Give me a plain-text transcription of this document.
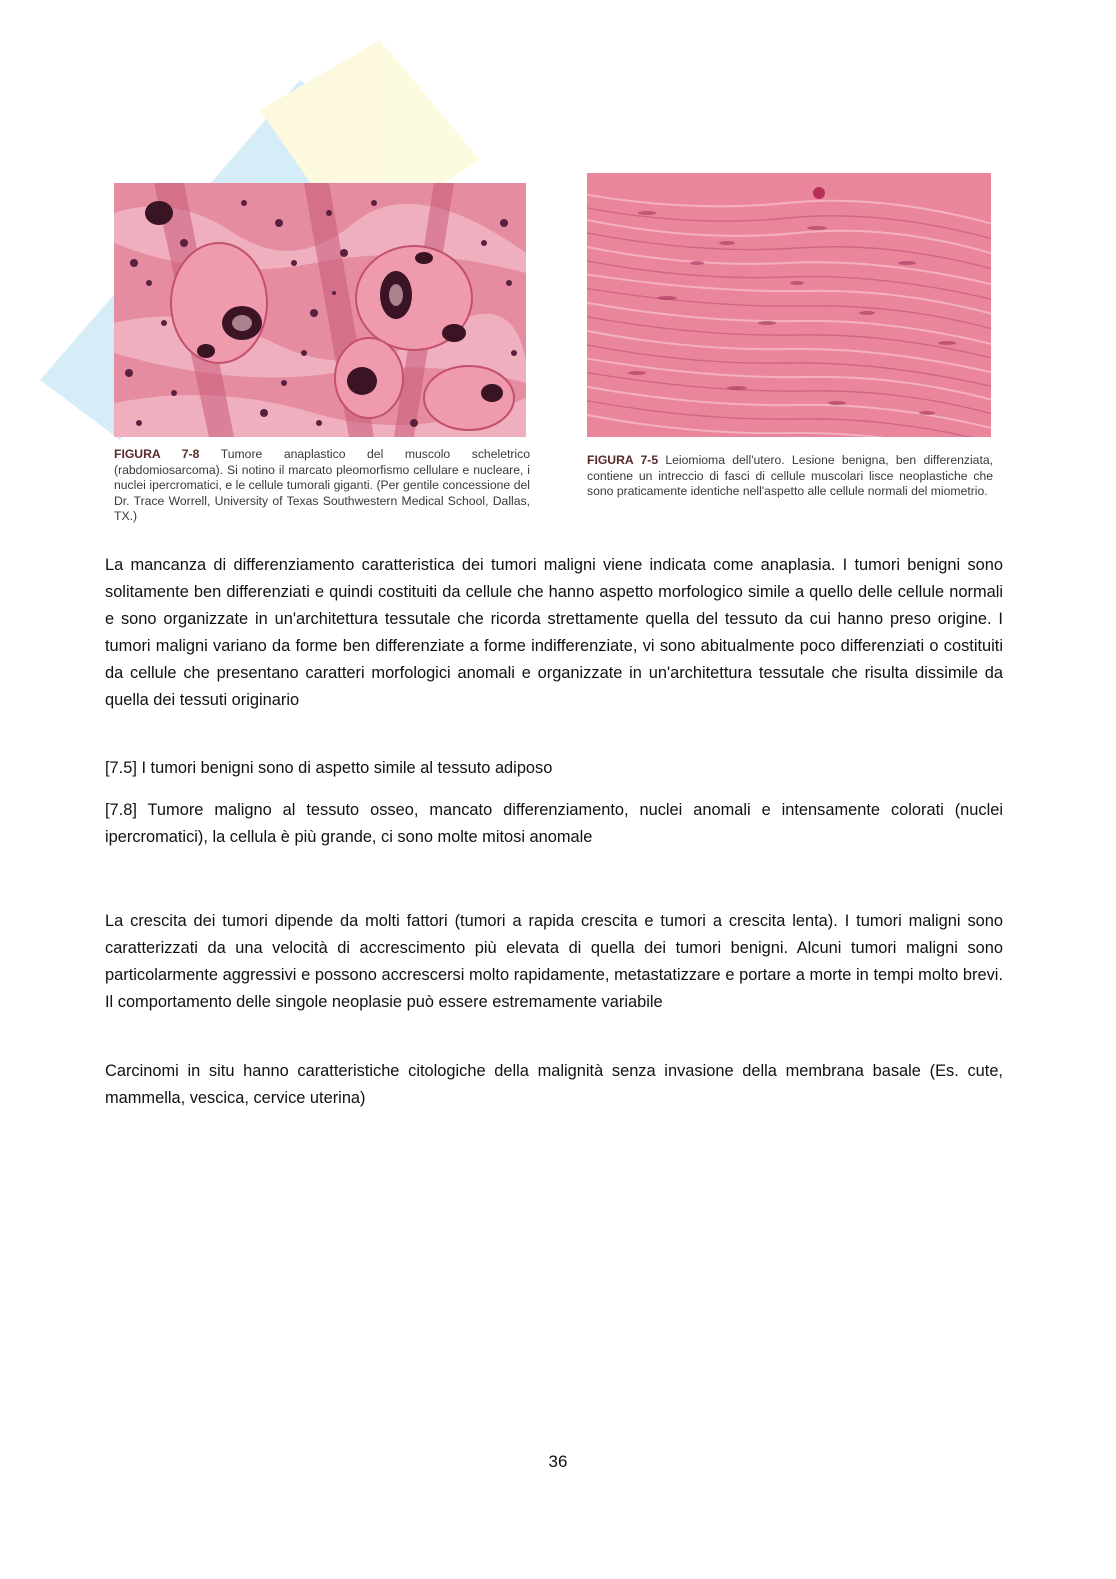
FIGURA 7-8 Tumore anaplastico del muscolo scheletrico (rabdomiosarcoma). Si notino il marcato pleomorfismo cellulare e nucleare, i nuclei ipercromatici, e le cellule tumorali giganti. (Per gentile concessione del Dr. Trace Worrell, University of Texas Southwestern Medical School, Dallas, TX.)
FIGURA 7-5 Leiomioma dell'utero. Lesione benigna, ben differenziata, contiene un intreccio di fasci di cellule muscolari lisce neoplastiche che sono praticamente identiche nell'aspetto alle cellule normali del miometrio.

La mancanza di differenziamento caratteristica dei tumori maligni viene indicata come anaplasia. I tumori benigni sono solitamente ben differenziati e quindi costituiti da cellule che hanno aspetto morfologico simile a quello delle cellule normali e sono organizzate in un'architettura tessutale che ricorda strettamente quella del tessuto da cui hanno preso origine. I tumori maligni variano da forme ben differenziate a forme indifferenziate, vi sono abitualmente poco differenziati o costituiti da cellule che presentano caratteri morfologici anomali e organizzate in un'architettura tessutale che risulta dissimile da quella dei tessuti originario

[7.5] I tumori benigni sono di aspetto simile al tessuto adiposo

[7.8] Tumore maligno al tessuto osseo, mancato differenziamento, nuclei anomali e intensamente colorati (nuclei ipercromatici), la cellula è più grande, ci sono molte mitosi anomale

La crescita dei tumori dipende da molti fattori (tumori a rapida crescita e tumori a crescita lenta). I tumori maligni sono caratterizzati da una velocità di accrescimento più elevata di quella dei tumori benigni. Alcuni tumori maligni sono particolarmente aggressivi e possono accrescersi molto rapidamente, metastatizzare e portare a morte in tempi molto brevi. Il comportamento delle singole neoplasie può essere estremamente variabile

Carcinomi in situ hanno caratteristiche citologiche della malignità senza invasione della membrana basale (Es. cute, mammella, vescica, cervice uterina)

36
